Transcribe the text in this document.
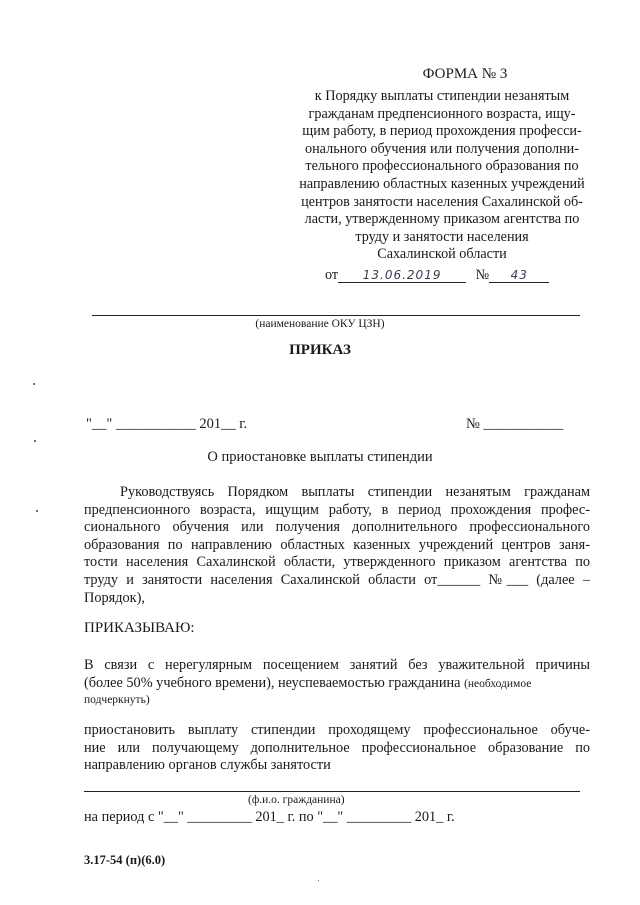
ФОРМА № 3
к Порядку выплаты стипендии незанятым
гражданам предпенсионного возраста, ищу-
щим работу, в период прохождения професси-
онального обучения или получения дополни-
тельного профессионального образования по
направлению областных казенных учреждений
центров занятости населения Сахалинской об-
ласти, утвержденному приказом агентства по
труду и занятости населения
Сахалинской области
от 13.06.2019 № 43
(наименование ОКУ ЦЗН)
ПРИКАЗ
"__" ___________ 201__ г.	№ ___________
О приостановке выплаты стипендии
Руководствуясь Порядком выплаты стипендии незанятым гражданам
предпенсионного возраста, ищущим работу, в период прохождения профес-
сионального обучения или получения дополнительного профессионального
образования по направлению областных казенных учреждений центров заня-
тости населения Сахалинской области, утвержденного приказом агентства по
труду и занятости населения Сахалинской области от______ №___ (далее –
Порядок),
ПРИКАЗЫВАЮ:
В связи с нерегулярным посещением занятий без уважительной причины
(более 50% учебного времени), неуспеваемостью гражданина (необходимое
подчеркнуть)
приостановить выплату стипендии проходящему профессиональное обуче-
ние или получающему дополнительное профессиональное образование по
направлению органов службы занятости
(ф.и.о. гражданина)
на период с "__" _________ 201_ г. по "__" _________ 201_ г.
3.17-54 (п)(6.0)
